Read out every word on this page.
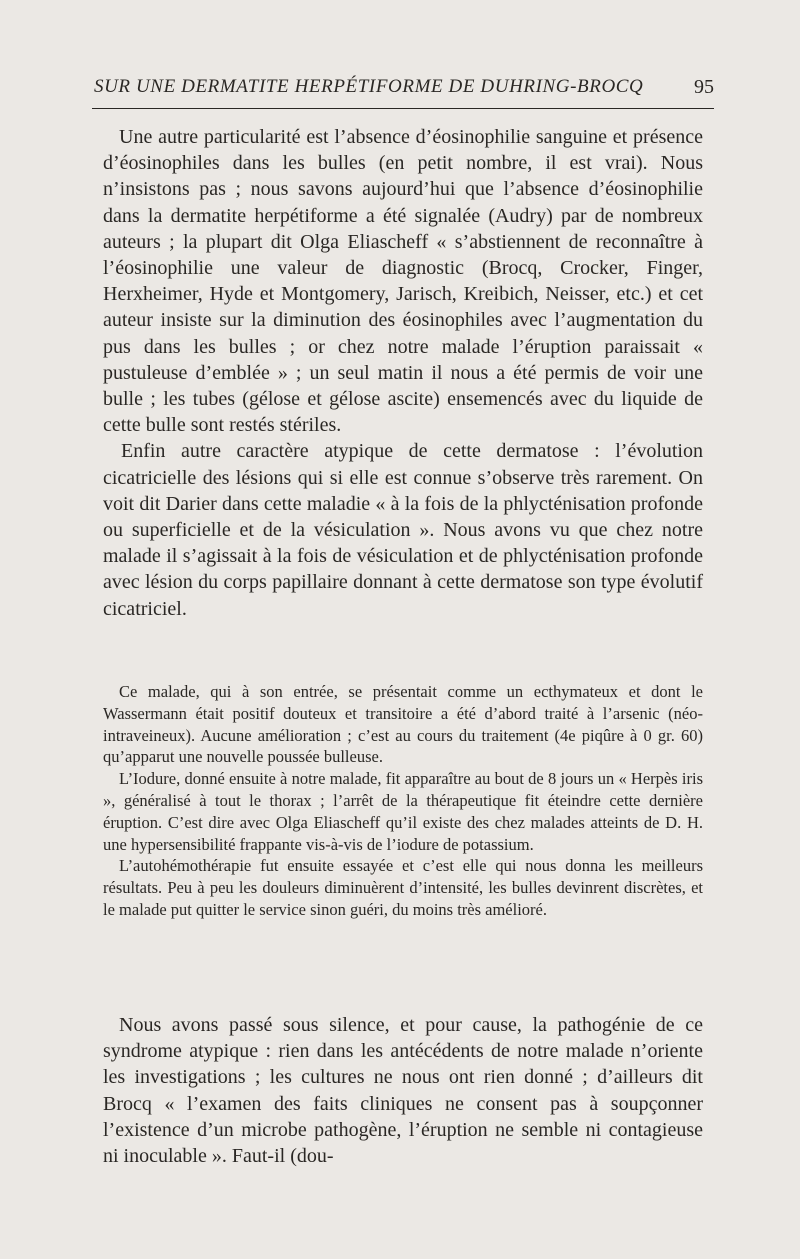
SUR UNE DERMATITE HERPÉTIFORME DE DUHRING-BROCQ	95

Une autre particularité est l’absence d’éosinophilie sanguine et présence d’éosinophiles dans les bulles (en petit nombre, il est vrai). Nous n’insistons pas ; nous savons aujourd’hui que l’absence d’éosinophilie dans la dermatite herpétiforme a été signalée (Audry) par de nombreux auteurs ; la plupart dit Olga Eliascheff « s’abstiennent de reconnaître à l’éosinophilie une valeur de diagnostic (Brocq, Crocker, Finger, Herxheimer, Hyde et Montgomery, Jarisch, Kreibich, Neisser, etc.) et cet auteur insiste sur la diminution des éosinophiles avec l’augmentation du pus dans les bulles ; or chez notre malade l’éruption paraissait « pustuleuse d’emblée » ; un seul matin il nous a été permis de voir une bulle ; les tubes (gélose et gélose ascite) ensemencés avec du liquide de cette bulle sont restés stériles.

Enfin autre caractère atypique de cette dermatose : l’évolution cicatricielle des lésions qui si elle est connue s’observe très rarement. On voit dit Darier dans cette maladie « à la fois de la phlycténisation profonde ou superficielle et de la vésiculation ». Nous avons vu que chez notre malade il s’agissait à la fois de vésiculation et de phlycténisation profonde avec lésion du corps papillaire donnant à cette dermatose son type évolutif cicatriciel.

Ce malade, qui à son entrée, se présentait comme un ecthymateux et dont le Wassermann était positif douteux et transitoire a été d’abord traité à l’arsenic (néo-intraveineux). Aucune amélioration ; c’est au cours du traitement (4e piqûre à 0 gr. 60) qu’apparut une nouvelle poussée bulleuse.

L’Iodure, donné ensuite à notre malade, fit apparaître au bout de 8 jours un « Herpès iris », généralisé à tout le thorax ; l’arrêt de la thérapeutique fit éteindre cette dernière éruption. C’est dire avec Olga Eliascheff qu’il existe des chez malades atteints de D. H. une hypersensibilité frappante vis-à-vis de l’iodure de potassium.

L’autohémothérapie fut ensuite essayée et c’est elle qui nous donna les meilleurs résultats. Peu à peu les douleurs diminuèrent d’intensité, les bulles devinrent discrètes, et le malade put quitter le service sinon guéri, du moins très amélioré.

Nous avons passé sous silence, et pour cause, la pathogénie de ce syndrome atypique : rien dans les antécédents de notre malade n’oriente les investigations ; les cultures ne nous ont rien donné ; d’ailleurs dit Brocq « l’examen des faits cliniques ne consent pas à soupçonner l’existence d’un microbe pathogène, l’éruption ne semble ni contagieuse ni inoculable ». Faut-il (dou-
